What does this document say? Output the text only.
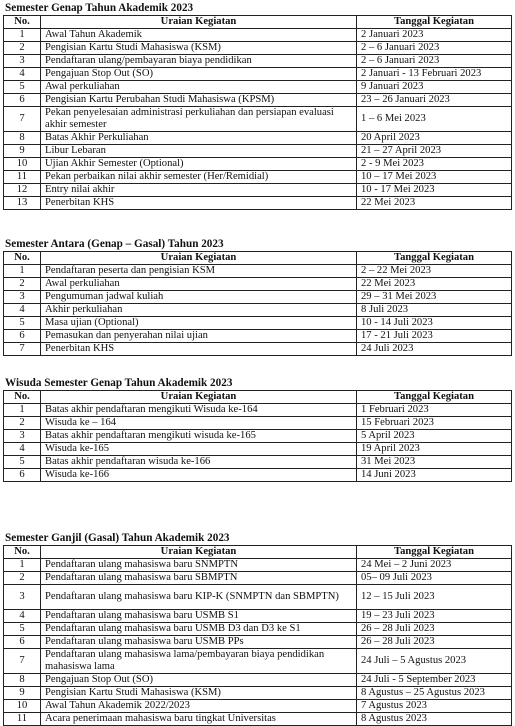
Semester Genap Tahun Akademik 2023
No.	Uraian Kegiatan	Tanggal Kegiatan
1	Awal Tahun Akademik	2 Januari 2023
2	Pengisian Kartu Studi Mahasiswa (KSM)	2 – 6 Januari 2023
3	Pendaftaran ulang/pembayaran biaya pendidikan	2 – 6 Januari 2023
4	Pengajuan Stop Out (SO)	2 Januari - 13 Februari 2023
5	Awal perkuliahan	9 Januari 2023
6	Pengisian Kartu Perubahan Studi Mahasiswa (KPSM)	23 – 26 Januari 2023
7	Pekan penyelesaian administrasi perkuliahan dan persiapan evaluasi akhir semester	1 – 6 Mei 2023
8	Batas Akhir Perkuliahan	20 April 2023
9	Libur Lebaran	21 – 27 April 2023
10	Ujian Akhir Semester (Optional)	2 - 9 Mei 2023
11	Pekan perbaikan nilai akhir semester (Her/Remidial)	10 – 17 Mei 2023
12	Entry nilai akhir	10 - 17 Mei 2023
13	Penerbitan KHS	22 Mei 2023
Semester Antara (Genap – Gasal) Tahun 2023
No.	Uraian Kegiatan	Tanggal Kegiatan
1	Pendaftaran peserta dan pengisian KSM	2 – 22 Mei 2023
2	Awal perkuliahan	22 Mei 2023
3	Pengumuman jadwal kuliah	29 – 31 Mei 2023
4	Akhir perkuliahan	8 Juli 2023
5	Masa ujian (Optional)	10 - 14 Juli 2023
6	Pemasukan dan penyerahan nilai ujian	17 - 21 Juli 2023
7	Penerbitan KHS	24 Juli 2023
Wisuda Semester Genap Tahun Akademik 2023
No.	Uraian Kegiatan	Tanggal Kegiatan
1	Batas akhir pendaftaran mengikuti Wisuda ke-164	1 Februari 2023
2	Wisuda ke – 164	15 Februari 2023
3	Batas akhir pendaftaran mengikuti wisuda ke-165	5 April 2023
4	Wisuda ke-165	19 April 2023
5	Batas akhir pendaftaran wisuda ke-166	31 Mei 2023
6	Wisuda ke-166	14 Juni 2023
Semester Ganjil (Gasal) Tahun Akademik 2023
No.	Uraian Kegiatan	Tanggal Kegiatan
1	Pendaftaran ulang mahasiswa baru SNMPTN	24 Mei – 2 Juni 2023
2	Pendaftaran ulang mahasiswa baru SBMPTN	05– 09 Juli 2023
3	Pendaftaran ulang mahasiswa baru KIP-K (SNMPTN dan SBMPTN)	12 – 15 Juli 2023
4	Pendaftaran ulang mahasiswa baru USMB S1	19 – 23 Juli 2023
5	Pendaftaran ulang mahasiswa baru USMB D3 dan D3 ke S1	26 – 28 Juli 2023
6	Pendaftaran ulang mahasiswa baru USMB PPs	26 – 28 Juli 2023
7	Pendaftaran ulang mahasiswa lama/pembayaran biaya pendidikan mahasiswa lama	24 Juli – 5 Agustus 2023
8	Pengajuan Stop Out (SO)	24 Juli - 5 September 2023
9	Pengisian Kartu Studi Mahasiswa (KSM)	8 Agustus – 25 Agustus 2023
10	Awal Tahun Akademik 2022/2023	7 Agustus 2023
11	Acara penerimaan mahasiswa baru tingkat Universitas	8 Agustus 2023
